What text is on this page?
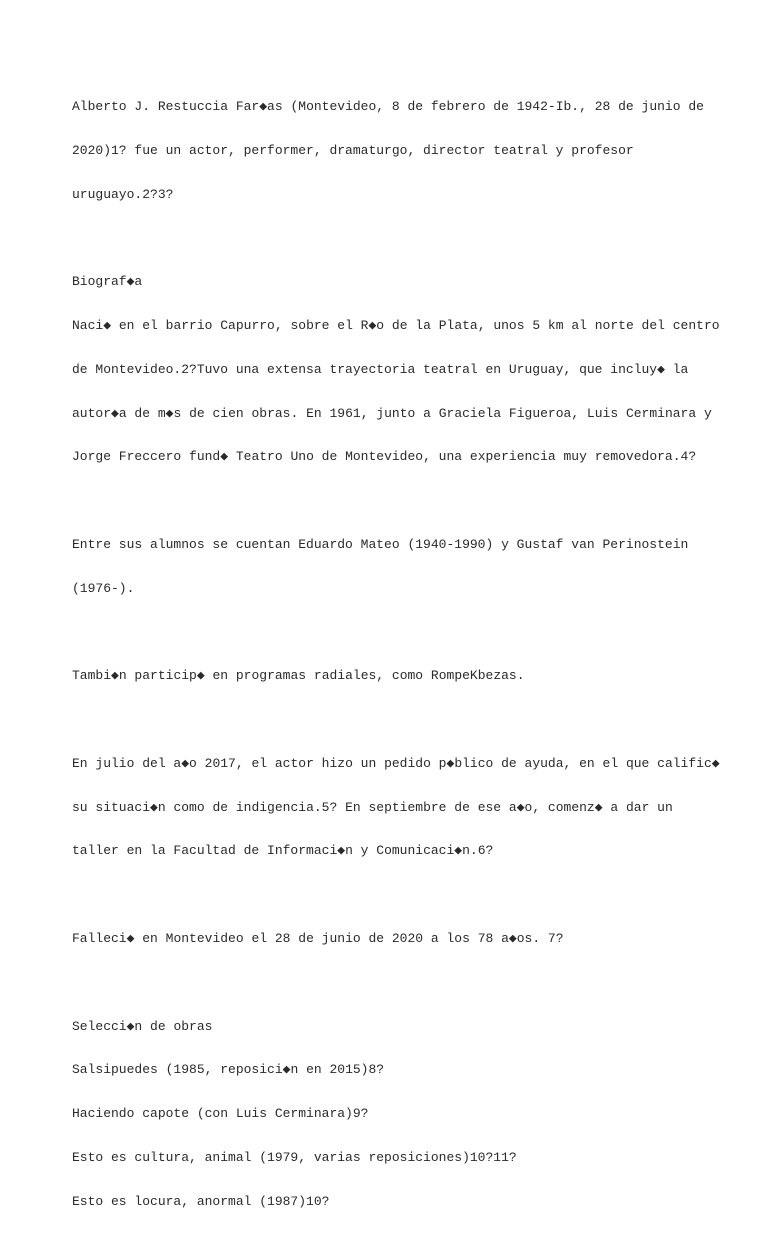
Alberto J. Restuccia Far◆as (Montevideo, 8 de febrero de 1942-Ib., 28 de junio de

2020)1? fue un actor, performer, dramaturgo, director teatral y profesor

uruguayo.2?3?

Biograf◆a

Naci◆ en el barrio Capurro, sobre el R◆o de la Plata, unos 5 km al norte del centro

de Montevideo.2?Tuvo una extensa trayectoria teatral en Uruguay, que incluy◆ la

autor◆a de m◆s de cien obras. En 1961, junto a Graciela Figueroa, Luis Cerminara y

Jorge Freccero fund◆ Teatro Uno de Montevideo, una experiencia muy removedora.4?

Entre sus alumnos se cuentan Eduardo Mateo (1940-1990) y Gustaf van Perinostein

(1976-).

Tambi◆n particip◆ en programas radiales, como RompeKbezas.

En julio del a◆o 2017, el actor hizo un pedido p◆blico de ayuda, en el que calific◆

su situaci◆n como de indigencia.5? En septiembre de ese a◆o, comenz◆ a dar un

taller en la Facultad de Informaci◆n y Comunicaci◆n.6?

Falleci◆ en Montevideo el 28 de junio de 2020 a los 78 a◆os. 7?

Selecci◆n de obras

Salsipuedes (1985, reposici◆n en 2015)8?

Haciendo capote (con Luis Cerminara)9?

Esto es cultura, animal (1979, varias reposiciones)10?11?

Esto es locura, anormal (1987)10?
